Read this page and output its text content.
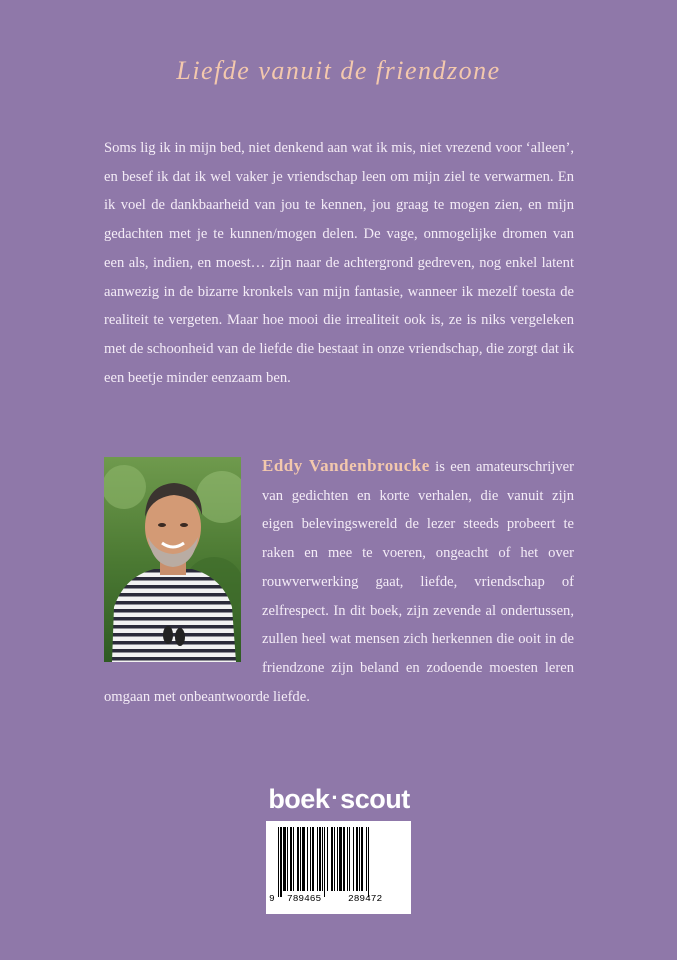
Liefde vanuit de friendzone
Soms lig ik in mijn bed, niet denkend aan wat ik mis, niet vrezend voor ‘alleen’, en besef ik dat ik wel vaker je vriendschap leen om mijn ziel te verwarmen. En ik voel de dankbaarheid van jou te kennen, jou graag te mogen zien, en mijn gedachten met je te kunnen/mogen delen. De vage, onmogelijke dromen van een als, indien, en moest… zijn naar de achtergrond gedreven, nog enkel latent aanwezig in de bizarre kronkels van mijn fantasie, wanneer ik mezelf toesta de realiteit te vergeten. Maar hoe mooi die irrealiteit ook is, ze is niks vergeleken met de schoonheid van de liefde die bestaat in onze vriendschap, die zorgt dat ik een beetje minder eenzaam ben.
Eddy Vandenbroucke is een amateurschrijver van gedichten en korte verhalen, die vanuit zijn eigen belevingswereld de lezer steeds probeert te raken en mee te voeren, ongeacht of het over rouwverwerking gaat, liefde, vriendschap of zelfrespect. In dit boek, zijn zevende al ondertussen, zullen heel wat mensen zich herkennen die ooit in de friendzone zijn beland en zodoende moesten leren omgaan met onbeantwoorde liefde.
boek·scout
9 789465	289472
